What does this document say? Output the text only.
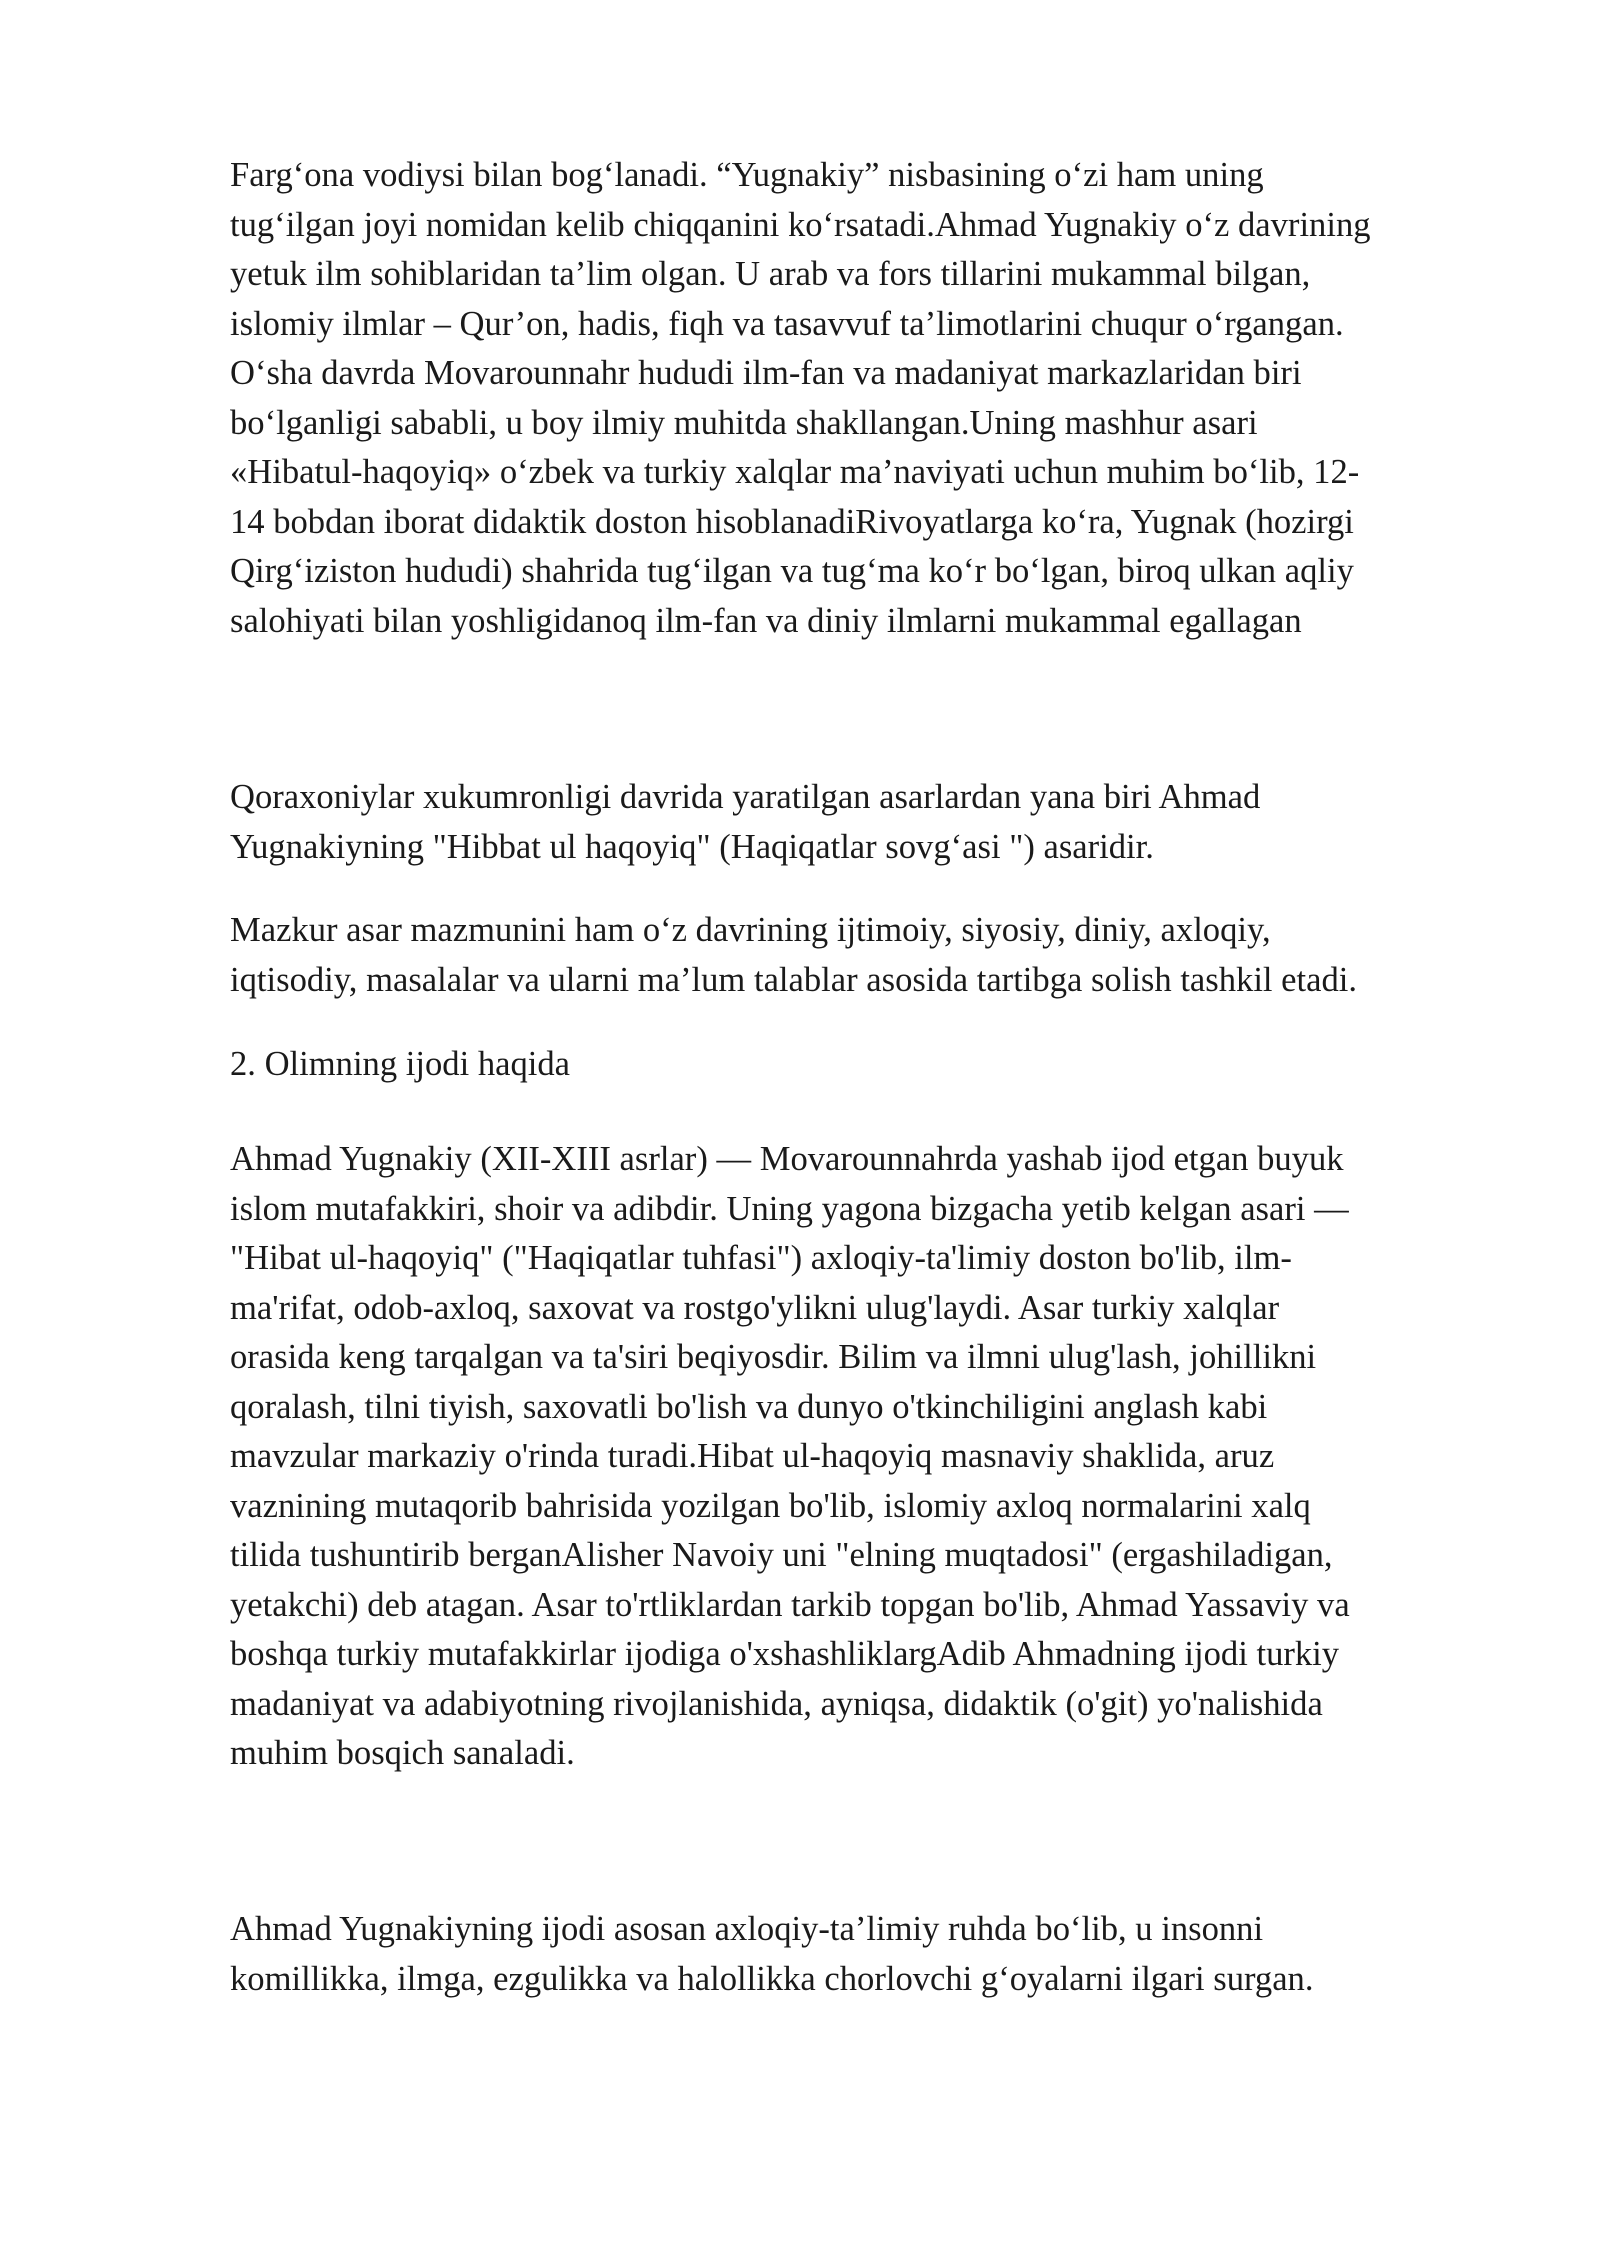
Farg‘ona vodiysi bilan bog‘lanadi. “Yugnakiy” nisbasining o‘zi ham uning
tug‘ilgan joyi nomidan kelib chiqqanini ko‘rsatadi.Ahmad Yugnakiy o‘z davrining
yetuk ilm sohiblaridan ta’lim olgan. U arab va fors tillarini mukammal bilgan,
islomiy ilmlar – Qur’on, hadis, fiqh va tasavvuf ta’limotlarini chuqur o‘rgangan.
O‘sha davrda Movarounnahr hududi ilm-fan va madaniyat markazlaridan biri
bo‘lganligi sababli, u boy ilmiy muhitda shakllangan.Uning mashhur asari
«Hibatul-haqoyiq» o‘zbek va turkiy xalqlar ma’naviyati uchun muhim bo‘lib, 12-
14 bobdan iborat didaktik doston hisoblanadiRivoyatlarga ko‘ra, Yugnak (hozirgi
Qirg‘iziston hududi) shahrida tug‘ilgan va tug‘ma ko‘r bo‘lgan, biroq ulkan aqliy
salohiyati bilan yoshligidanoq ilm-fan va diniy ilmlarni mukammal egallagan

Qoraxoniylar xukumronligi davrida yaratilgan asarlardan yana biri Ahmad
Yugnakiyning "Hibbat ul haqoyiq" (Haqiqatlar sovg‘asi ") asaridir.

Mazkur asar mazmunini ham o‘z davrining ijtimoiy, siyosiy, diniy, axloqiy,
iqtisodiy, masalalar va ularni ma’lum talablar asosida tartibga solish tashkil etadi.

2. Olimning ijodi haqida

Ahmad Yugnakiy (XII-XIII asrlar) — Movarounnahrda yashab ijod etgan buyuk
islom mutafakkiri, shoir va adibdir. Uning yagona bizgacha yetib kelgan asari —
"Hibat ul-haqoyiq" ("Haqiqatlar tuhfasi") axloqiy-ta'limiy doston bo'lib, ilm-
ma'rifat, odob-axloq, saxovat va rostgo'ylikni ulug'laydi. Asar turkiy xalqlar
orasida keng tarqalgan va ta'siri beqiyosdir. Bilim va ilmni ulug'lash, johillikni
qoralash, tilni tiyish, saxovatli bo'lish va dunyo o'tkinchiligini anglash kabi
mavzular markaziy o'rinda turadi.Hibat ul-haqoyiq masnaviy shaklida, aruz
vaznining mutaqorib bahrisida yozilgan bo'lib, islomiy axloq normalarini xalq
tilida tushuntirib berganAlisher Navoiy uni "elning muqtadosi" (ergashiladigan,
yetakchi) deb atagan. Asar to'rtliklardan tarkib topgan bo'lib, Ahmad Yassaviy va
boshqa turkiy mutafakkirlar ijodiga o'xshashliklargAdib Ahmadning ijodi turkiy
madaniyat va adabiyotning rivojlanishida, ayniqsa, didaktik (o'git) yo'nalishida
muhim bosqich sanaladi.

Ahmad Yugnakiyning ijodi asosan axloqiy-ta’limiy ruhda bo‘lib, u insonni
komillikka, ilmga, ezgulikka va halollikka chorlovchi g‘oyalarni ilgari surgan.
